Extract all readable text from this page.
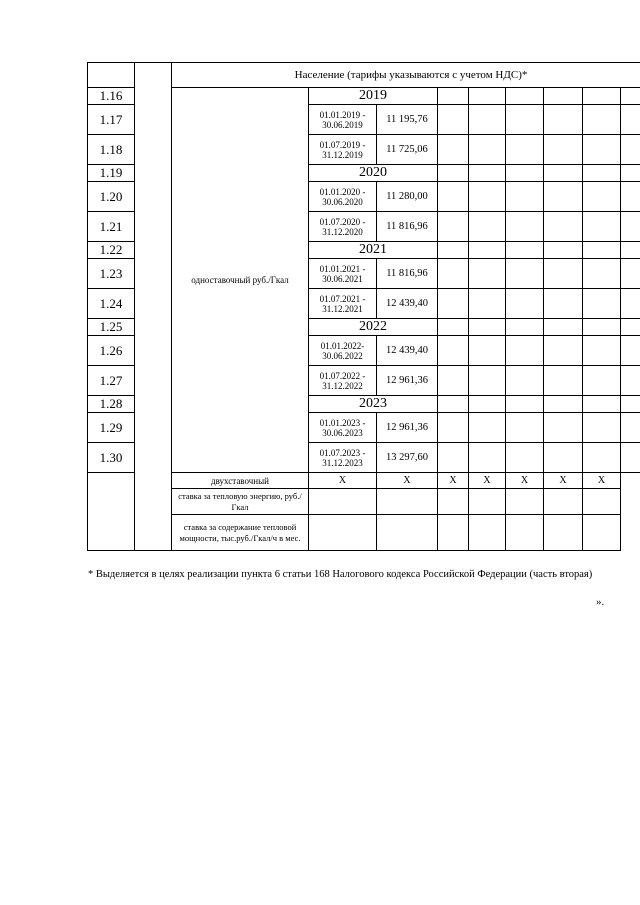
		Население (тарифы указываются с учетом НДС)*								
1.16		одноставочный руб./Гкал	2019							
1.17			01.01.2019 - 30.06.2019	11 195,76						
1.18			01.07.2019 - 31.12.2019	11 725,06						
1.19			2020							
1.20			01.01.2020 - 30.06.2020	11 280,00						
1.21			01.07.2020 - 31.12.2020	11 816,96						
1.22			2021							
1.23			01.01.2021 - 30.06.2021	11 816,96						
1.24			01.07.2021 - 31.12.2021	12 439,40						
1.25			2022							
1.26			01.01.2022- 30.06.2022	12 439,40						
1.27			01.07.2022 - 31.12.2022	12 961,36						
1.28			2023							
1.29			01.01.2023 - 30.06.2023	12 961,36						
1.30			01.07.2023 - 31.12.2023	13 297,60						
		двухставочный	X	X	X	X	X	X	X	
		ставка за тепловую энергию, руб./Гкал								
		ставка за содержание тепловой мощности, тыс.руб./Гкал/ч в мес.								
* Выделяется в целях реализации пункта 6 статьи 168 Налогового кодекса Российской Федерации (часть вторая)
».
